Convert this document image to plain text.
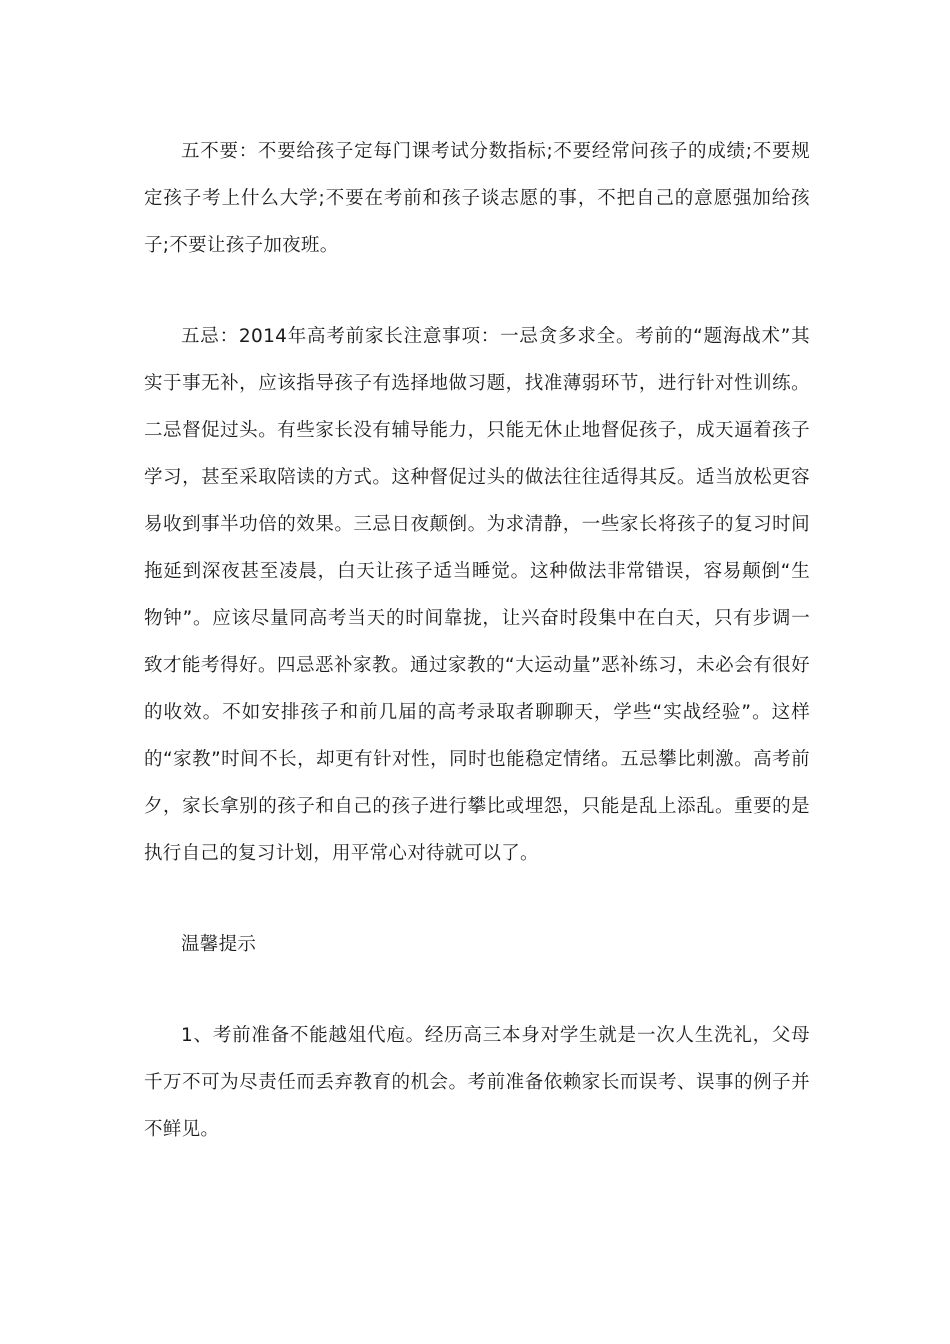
五不要：不要给孩子定每门课考试分数指标;不要经常问孩子的成绩;不要规定孩子考上什么大学;不要在考前和孩子谈志愿的事，不把自己的意愿强加给孩子;不要让孩子加夜班。

五忌：2014年高考前家长注意事项：一忌贪多求全。考前的“题海战术”其实于事无补，应该指导孩子有选择地做习题，找准薄弱环节，进行针对性训练。二忌督促过头。有些家长没有辅导能力，只能无休止地督促孩子，成天逼着孩子学习，甚至采取陪读的方式。这种督促过头的做法往往适得其反。适当放松更容易收到事半功倍的效果。三忌日夜颠倒。为求清静，一些家长将孩子的复习时间拖延到深夜甚至凌晨，白天让孩子适当睡觉。这种做法非常错误，容易颠倒“生物钟”。应该尽量同高考当天的时间靠拢，让兴奋时段集中在白天，只有步调一致才能考得好。四忌恶补家教。通过家教的“大运动量”恶补练习，未必会有很好的收效。不如安排孩子和前几届的高考录取者聊聊天，学些“实战经验”。这样的“家教”时间不长，却更有针对性，同时也能稳定情绪。五忌攀比刺激。高考前夕，家长拿别的孩子和自己的孩子进行攀比或埋怨，只能是乱上添乱。重要的是执行自己的复习计划，用平常心对待就可以了。

温馨提示

1、考前准备不能越俎代庖。经历高三本身对学生就是一次人生洗礼，父母千万不可为尽责任而丢弃教育的机会。考前准备依赖家长而误考、误事的例子并不鲜见。
